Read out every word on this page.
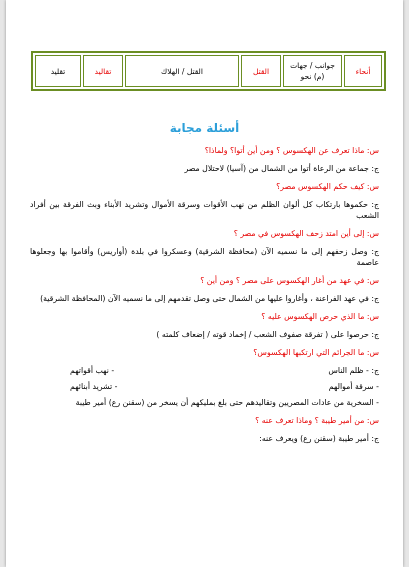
أنحاء	جوانب / جهات (م) نحو	القتل	القتل / الهلاك	تقاليد	تقليد
أسئلة مجابة
س: ماذا تعرف عن الهكسوس ؟ ومن أين أتوا؟ ولماذا؟
ج: جماعة من الرعاة أتوا من الشمال من (آسيا) لاحتلال مصر
س: كيف حكم الهكسوس مصر؟
ج: حكموها بارتكاب كل ألوان الظلم من نهب الأقوات وسرقة الأموال وتشريد الأبناء وبث الفرقة بين أفراد الشعب
س: إلى أين امتد زحف الهكسوس في مصر ؟
ج: وصل زحفهم إلى ما نسميه الآن (محافظة الشرقية) وعسكروا في بلدة (أواريس) وأقاموا بها وجعلوها عاصمة
س: في عهد من أغار الهكسوس على مصر ؟ ومن أين ؟
ج: في عهد الفراعنة ، وأغاروا عليها من الشمال حتى وصل تقدمهم إلى ما نسميه الآن (المحافظة الشرقية)
س: ما الذي حرص الهكسوس عليه ؟
ج: حرصوا على ( تفرقة صفوف الشعب / إخماد قوته / إضعاف كلمته )
س: ما الجرائم التي ارتكبها الهكسوس؟
ج: - ظلم الناس
- نهب أقواتهم
- سرقة أموالهم
- تشريد أبنائهم
- السخرية من عادات المصريين وتقاليدهم حتى بلغ بمليكهم أن يسخر من (سقنن رع) أمير طيبة
س: من أمير طيبة ؟ وماذا تعرف عنه ؟
ج: أمير طيبة (سقنن رع) ويعرف عنه:
